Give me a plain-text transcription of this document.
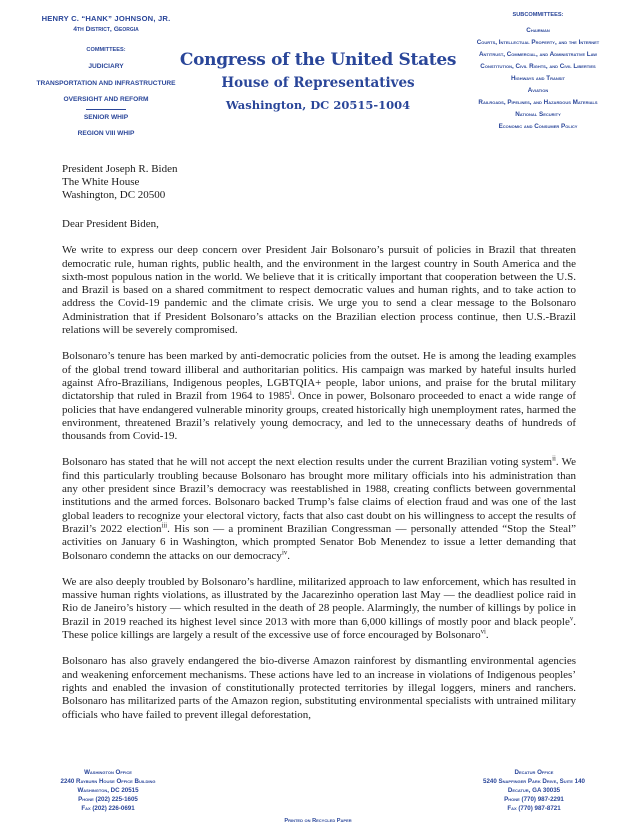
HENRY C. “HANK” JOHNSON, JR.
4th District, Georgia
COMMITTEES:
JUDICIARY
TRANSPORTATION AND INFRASTRUCTURE
OVERSIGHT AND REFORM
SENIOR WHIP
REGION VIII WHIP
Congress of the United States
House of Representatives
Washington, DC 20515-1004
SUBCOMMITTEES:
Chairman
Courts, Intellectual Property, and the Internet
Antitrust, Commercial, and Administrative Law
Constitution, Civil Rights, and Civil Liberties
Highways and Transit
Aviation
Railroads, Pipelines, and Hazardous Materials
National Security
Economic and Consumer Policy
President Joseph R. Biden
The White House
Washington, DC 20500
Dear President Biden,

We write to express our deep concern over President Jair Bolsonaro’s pursuit of policies in Brazil that threaten democratic rule, human rights, public health, and the environment in the largest country in South America and the sixth-most populous nation in the world. We believe that it is critically important that cooperation between the U.S. and Brazil is based on a shared commitment to respect democratic values and human rights, and to take action to address the Covid-19 pandemic and the climate crisis. We urge you to send a clear message to the Bolsonaro Administration that if President Bolsonaro’s attacks on the Brazilian election process continue, then U.S.-Brazil relations will be severely compromised.

Bolsonaro’s tenure has been marked by anti-democratic policies from the outset. He is among the leading examples of the global trend toward illiberal and authoritarian politics. His campaign was marked by hateful insults hurled against Afro-Brazilians, Indigenous peoples, LGBTQIA+ people, labor unions, and praise for the brutal military dictatorship that ruled in Brazil from 1964 to 1985$^i$. Once in power, Bolsonaro proceeded to enact a wide range of policies that have endangered vulnerable minority groups, created historically high unemployment rates, harmed the environment, threatened Brazil’s relatively young democracy, and led to the unnecessary deaths of hundreds of thousands from Covid-19.

Bolsonaro has stated that he will not accept the next election results under the current Brazilian voting system$^{ii}$. We find this particularly troubling because Bolsonaro has brought more military officials into his administration than any other president since Brazil’s democracy was reestablished in 1988, creating conflicts between governmental institutions and the armed forces. Bolsonaro backed Trump’s false claims of election fraud and was one of the last global leaders to recognize your electoral victory, facts that also cast doubt on his willingness to accept the results of Brazil’s 2022 election$^{iii}$. His son — a prominent Brazilian Congressman — personally attended “Stop the Steal” activities on January 6 in Washington, which prompted Senator Bob Menendez to issue a letter demanding that Bolsonaro condemn the attacks on our democracy$^{iv}$.

We are also deeply troubled by Bolsonaro’s hardline, militarized approach to law enforcement, which has resulted in massive human rights violations, as illustrated by the Jacarezinho operation last May — the deadliest police raid in Rio de Janeiro’s history — which resulted in the death of 28 people. Alarmingly, the number of killings by police in Brazil in 2019 reached its highest level since 2013 with more than 6,000 killings of mostly poor and black people$^v$. These police killings are largely a result of the excessive use of force encouraged by Bolsonaro$^{vi}$.

Bolsonaro has also gravely endangered the bio-diverse Amazon rainforest by dismantling environmental agencies and weakening enforcement mechanisms. These actions have led to an increase in violations of Indigenous peoples’ rights and enabled the invasion of constitutionally protected territories by illegal loggers, miners and ranchers. Bolsonaro has militarized parts of the Amazon region, substituting environmental specialists with untrained military officials who have failed to prevent illegal deforestation,

Washington Office
2240 Rayburn House Office Building
Washington, DC 20515
Phone (202) 225-1605
Fax (202) 226-0691
Decatur Office
5240 Snapfinger Park Drive, Suite 140
Decatur, GA 30035
Phone (770) 987-2291
Fax (770) 987-8721
Printed on Recycled Paper
